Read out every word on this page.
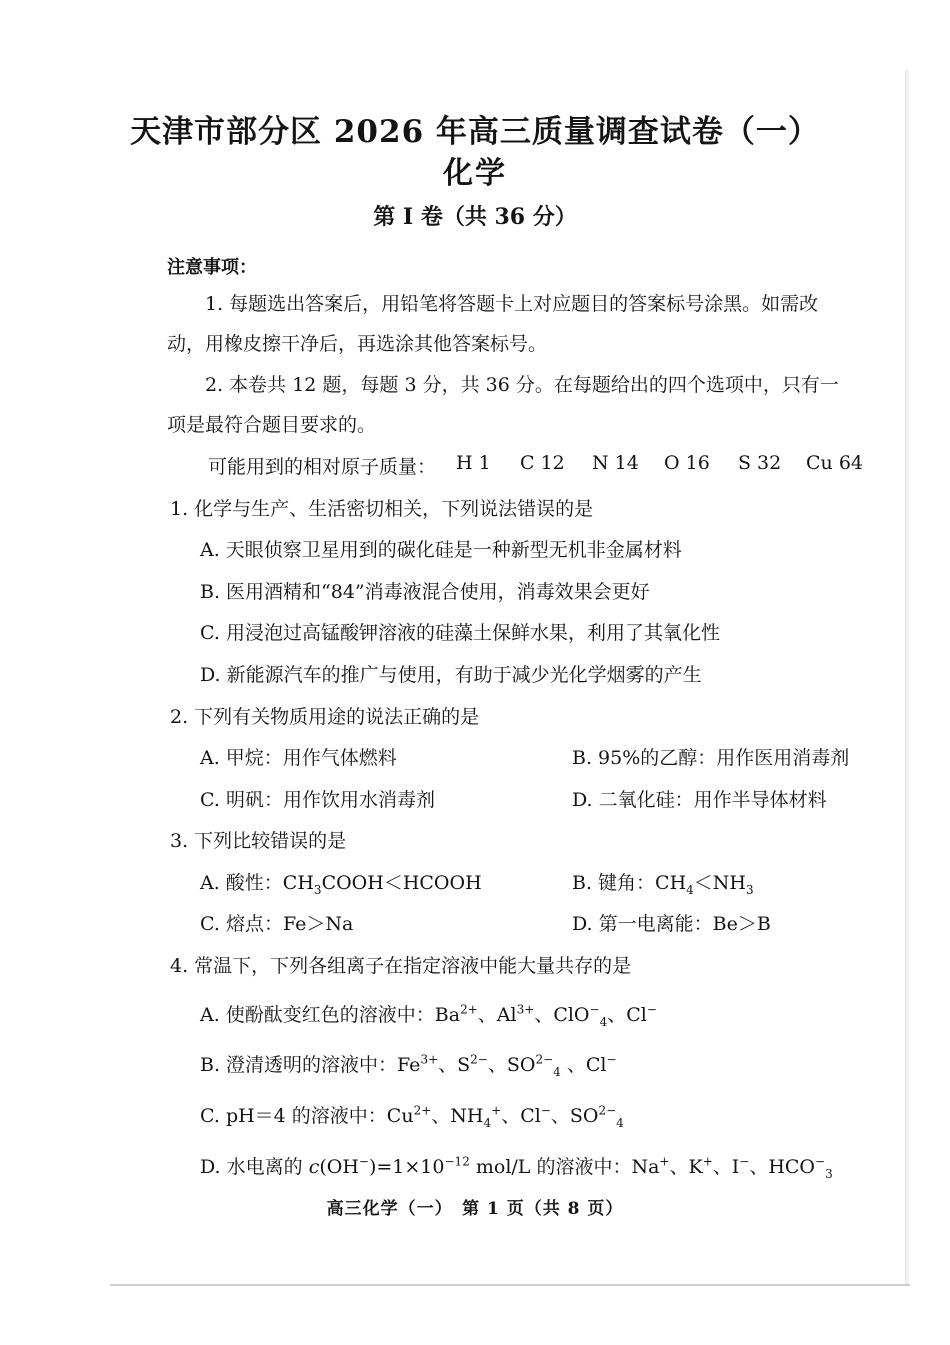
天津市部分区 2026 年高三质量调查试卷（一）
化学
第 Ⅰ 卷（共 36 分）
注意事项：
1. 每题选出答案后，用铅笔将答题卡上对应题目的答案标号涂黑。如需改
动，用橡皮擦干净后，再选涂其他答案标号。
2. 本卷共 12 题，每题 3 分，共 36 分。在每题给出的四个选项中，只有一
项是最符合题目要求的。
可能用到的相对原子质量： H 1 C 12 N 14 O 16 S 32 Cu 64
1. 化学与生产、生活密切相关，下列说法错误的是
A. 天眼侦察卫星用到的碳化硅是一种新型无机非金属材料
B. 医用酒精和“84”消毒液混合使用，消毒效果会更好
C. 用浸泡过高锰酸钾溶液的硅藻土保鲜水果，利用了其氧化性
D. 新能源汽车的推广与使用，有助于减少光化学烟雾的产生
2. 下列有关物质用途的说法正确的是
A. 甲烷：用作气体燃料	B. 95%的乙醇：用作医用消毒剂
C. 明矾：用作饮用水消毒剂	D. 二氧化硅：用作半导体材料
3. 下列比较错误的是
A. 酸性：$CH_3COOH<HCOOH$	B. 键角：$CH_4<NH_3$
C. 熔点：Fe＞Na	D. 第一电离能：Be＞B
4. 常温下，下列各组离子在指定溶液中能大量共存的是
A. 使酚酞变红色的溶液中：$Ba^{2+}$、$Al^{3+}$、ClO−$_4$、Cl−
B. 澄清透明的溶液中：$Fe^{3+}$、$S^{2-}$、$SO^{2-}_4$ 、Cl−
C. pH＝4 的溶液中：$Cu^{2+}$、$NH_4^+$、Cl−、$SO^{2-}_4$
D. 水电离的 $c(OH^-)=1\times 10^{-12}$ mol/L 的溶液中：Na+、K+、I−、$HCO^-_3$
高三化学（一）　第 1 页（共 8 页）
